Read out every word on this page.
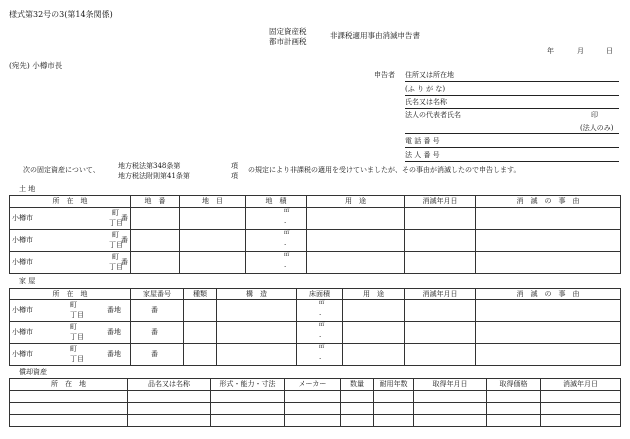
様式第32号の3(第14条関係)
固定資産税
都市計画税
非課税適用事由消滅申告書
年	月	日
(宛先) 小樽市長
申告者 住所又は所在地
(ふ り が な)
氏名又は名称
法人の代表者氏名	印
(法人のみ)
電 話 番 号
法 人 番 号
次の固定資産について、	地方税法第348条第
地方税法附則第41条第
項
項
の規定により非課税の適用を受けていましたが、その事由が消滅したので申告します。
土 地
所　在　地	地　番	地　目	地　積	用　途	消滅年月日	消　滅　の　事　由

小樽市
町
丁目	番		㎡
.			

小樽市
町
丁目	番		㎡
.			

小樽市
町
丁目	番		㎡
.			

家 屋
所　在　地	家屋番号	種類	構　造	床面積	用　途	消滅年月日	消　滅　の　事　由

小樽市
町
丁目
番地	番			㎡
.			

小樽市
町
丁目
番地	番			㎡
.			

小樽市
町
丁目
番地	番			㎡
.			

償却資産
所　在　地	品名又は名称	形式・能力・寸法	メーカー	数量	耐用年数	取得年月日	取得価格	消滅年月日
